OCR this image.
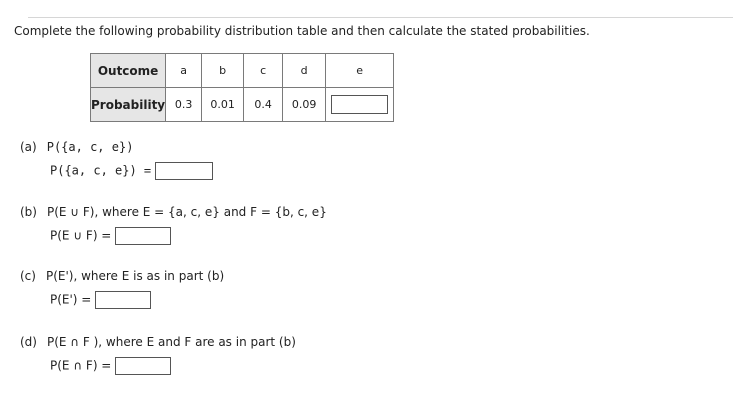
Complete the following probability distribution table and then calculate the stated probabilities.
Outcome	a	b	c	d	e
Probability	0.3	0.01	0.4	0.09	
(a) P({a, c, e})
P({a, c, e}) =
(b) P(E ∪ F), where E = {a, c, e} and F = {b, c, e}
P(E ∪ F) =
(c) P(E'), where E is as in part (b)
P(E') =
(d) P(E ∩ F ), where E and F are as in part (b)
P(E ∩ F) =
